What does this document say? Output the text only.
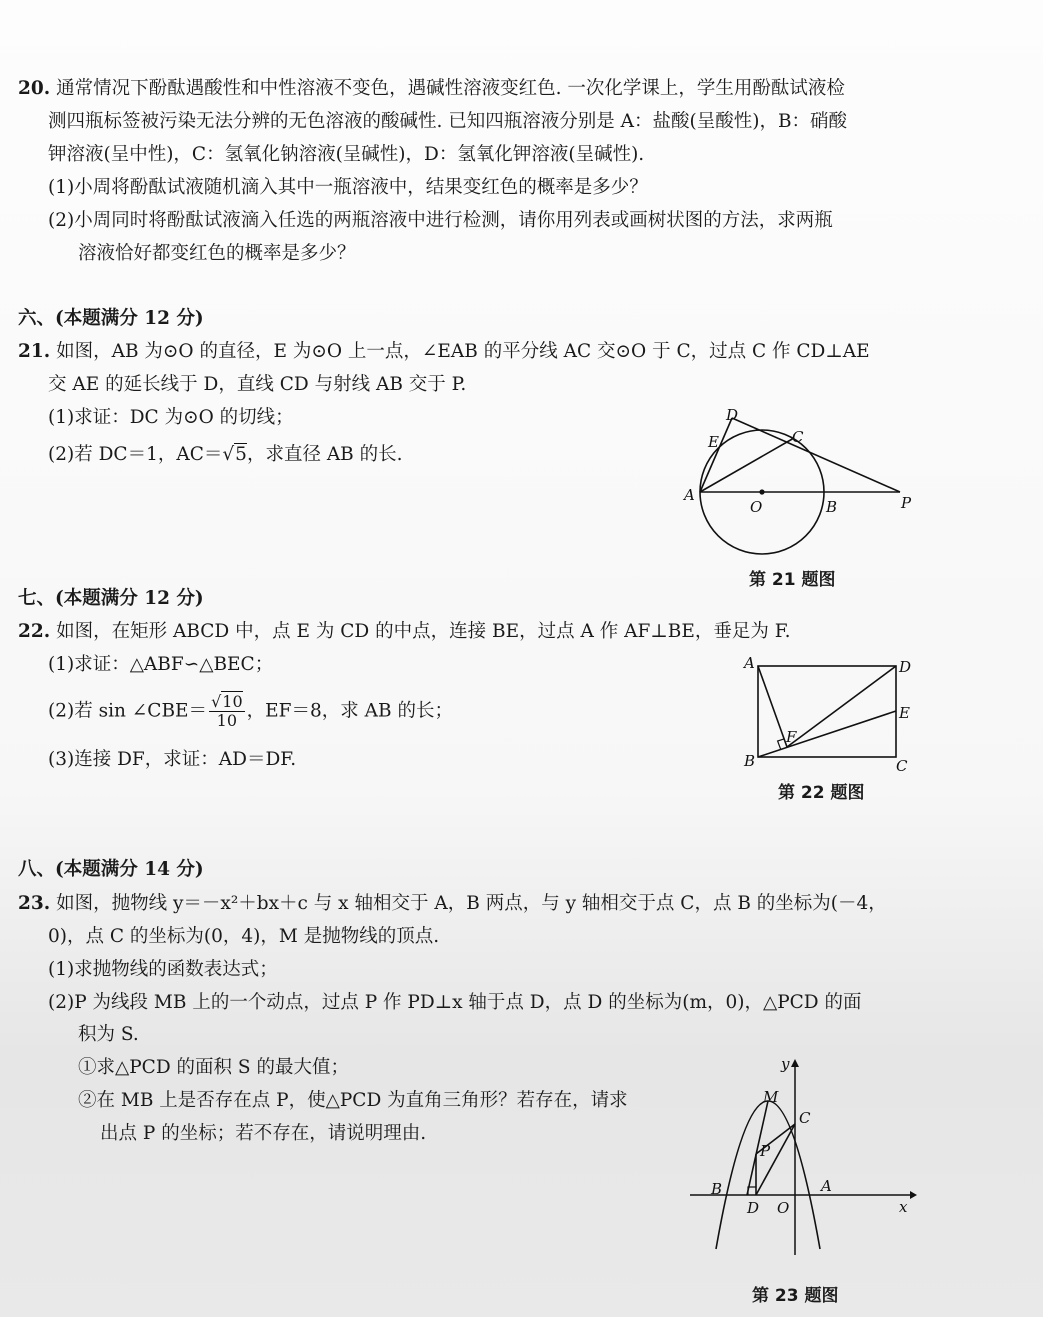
20. 通常情况下酚酞遇酸性和中性溶液不变色，遇碱性溶液变红色. 一次化学课上，学生用酚酞试液检
测四瓶标签被污染无法分辨的无色溶液的酸碱性. 已知四瓶溶液分别是 A：盐酸(呈酸性)，B：硝酸
钾溶液(呈中性)，C：氢氧化钠溶液(呈碱性)，D：氢氧化钾溶液(呈碱性).
(1)小周将酚酞试液随机滴入其中一瓶溶液中，结果变红色的概率是多少？
(2)小周同时将酚酞试液滴入任选的两瓶溶液中进行检测，请你用列表或画树状图的方法，求两瓶
溶液恰好都变红色的概率是多少？
六、(本题满分 12 分)
21. 如图，AB 为⊙O 的直径，E 为⊙O 上一点，∠EAB 的平分线 AC 交⊙O 于 C，过点 C 作 CD⊥AE
交 AE 的延长线于 D，直线 CD 与射线 AB 交于 P.
(1)求证：DC 为⊙O 的切线；
(2)若 DC＝1，AC＝√5，求直径 AB 的长.
D
E	C
A
O	B	P
第 21 题图
七、(本题满分 12 分)
22. 如图，在矩形 ABCD 中，点 E 为 CD 的中点，连接 BE，过点 A 作 AF⊥BE，垂足为 F.
(1)求证：△ABF∽△BEC；
(2)若 sin ∠CBE＝ $\frac{√10}{10}$ ，EF＝8，求 AB 的长；
(3)连接 DF，求证：AD＝DF.
A	D
E
F
B	C
第 22 题图
八、(本题满分 14 分)
23. 如图，抛物线 y＝－x²＋bx＋c 与 x 轴相交于 A，B 两点，与 y 轴相交于点 C，点 B 的坐标为(－4，
0)，点 C 的坐标为(0，4)，M 是抛物线的顶点.
(1)求抛物线的函数表达式；
(2)P 为线段 MB 上的一个动点，过点 P 作 PD⊥x 轴于点 D，点 D 的坐标为(m，0)，△PCD 的面
积为 S.
①求△PCD 的面积 S 的最大值；
②在 MB 上是否存在点 P，使△PCD 为直角三角形？若存在，请求
出点 P 的坐标；若不存在，请说明理由.
y
M
C
P
B	A
D O	x
第 23 题图
